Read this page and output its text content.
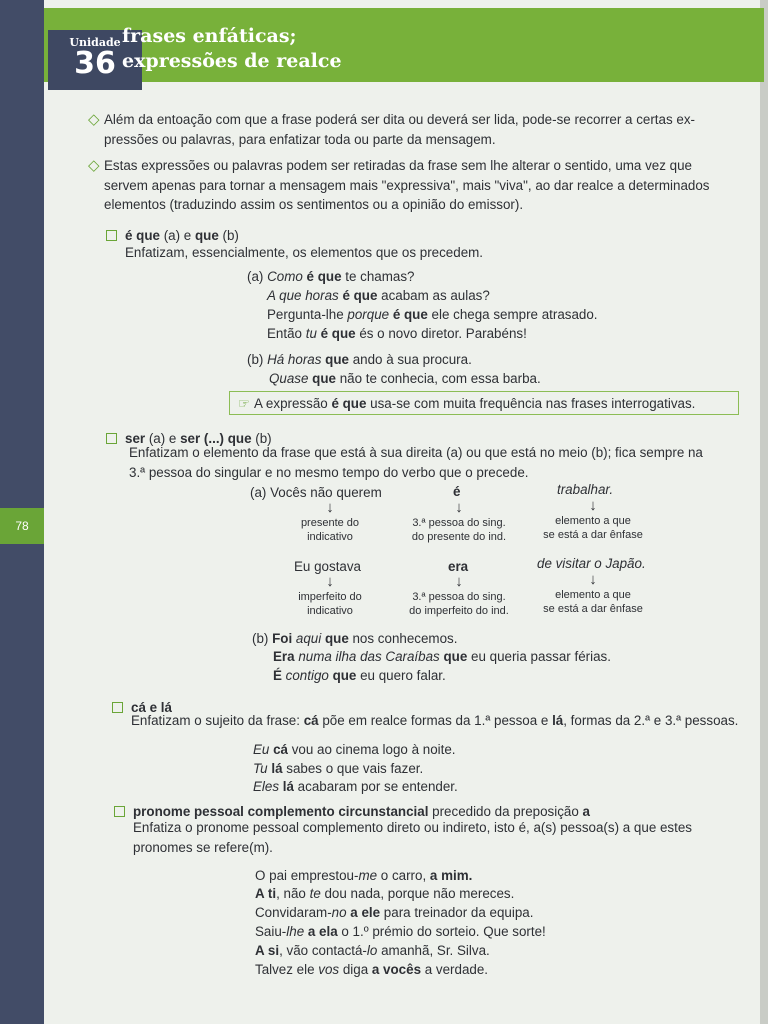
78
Unidade
36
frases enfáticas;
expressões de realce
◇ Além da entoação com que a frase poderá ser dita ou deverá ser lida, pode-se recorrer a certas ex-
pressões ou palavras, para enfatizar toda ou parte da mensagem.
◇ Estas expressões ou palavras podem ser retiradas da frase sem lhe alterar o sentido, uma vez que
servem apenas para tornar a mensagem mais "expressiva", mais "viva", ao dar realce a determinados
elementos (traduzindo assim os sentimentos ou a opinião do emissor).
é que (a) e que (b)
Enfatizam, essencialmente, os elementos que os precedem.
(a) Como é que te chamas?
A que horas é que acabam as aulas?
Pergunta-lhe porque é que ele chega sempre atrasado.
Então tu é que és o novo diretor. Parabéns!
(b) Há horas que ando à sua procura.
Quase que não te conhecia, com essa barba.
☞ A expressão é que usa-se com muita frequência nas frases interrogativas.
ser (a) e ser (...) que (b)
Enfatizam o elemento da frase que está à sua direita (a) ou que está no meio (b); fica sempre na
3.ª pessoa do singular e no mesmo tempo do verbo que o precede.
(a) Vocês não querem	é	trabalhar.
↓
presente do
indicativo
↓
3.ª pessoa do sing.
do presente do ind.
↓
elemento a que
se está a dar ênfase
Eu gostava	era	de visitar o Japão.
↓
imperfeito do
indicativo
↓
3.ª pessoa do sing.
do imperfeito do ind.
↓
elemento a que
se está a dar ênfase
(b) Foi aqui que nos conhecemos.
Era numa ilha das Caraíbas que eu queria passar férias.
É contigo que eu quero falar.
cá e lá
Enfatizam o sujeito da frase: cá põe em realce formas da 1.ª pessoa e lá, formas da 2.ª e 3.ª pessoas.
Eu cá vou ao cinema logo à noite.
Tu lá sabes o que vais fazer.
Eles lá acabaram por se entender.
pronome pessoal complemento circunstancial precedido da preposição a
Enfatiza o pronome pessoal complemento direto ou indireto, isto é, a(s) pessoa(s) a que estes
pronomes se refere(m).
O pai emprestou-me o carro, a mim.
A ti, não te dou nada, porque não mereces.
Convidaram-no a ele para treinador da equipa.
Saiu-lhe a ela o 1.º prémio do sorteio. Que sorte!
A si, vão contactá-lo amanhã, Sr. Silva.
Talvez ele vos diga a vocês a verdade.
